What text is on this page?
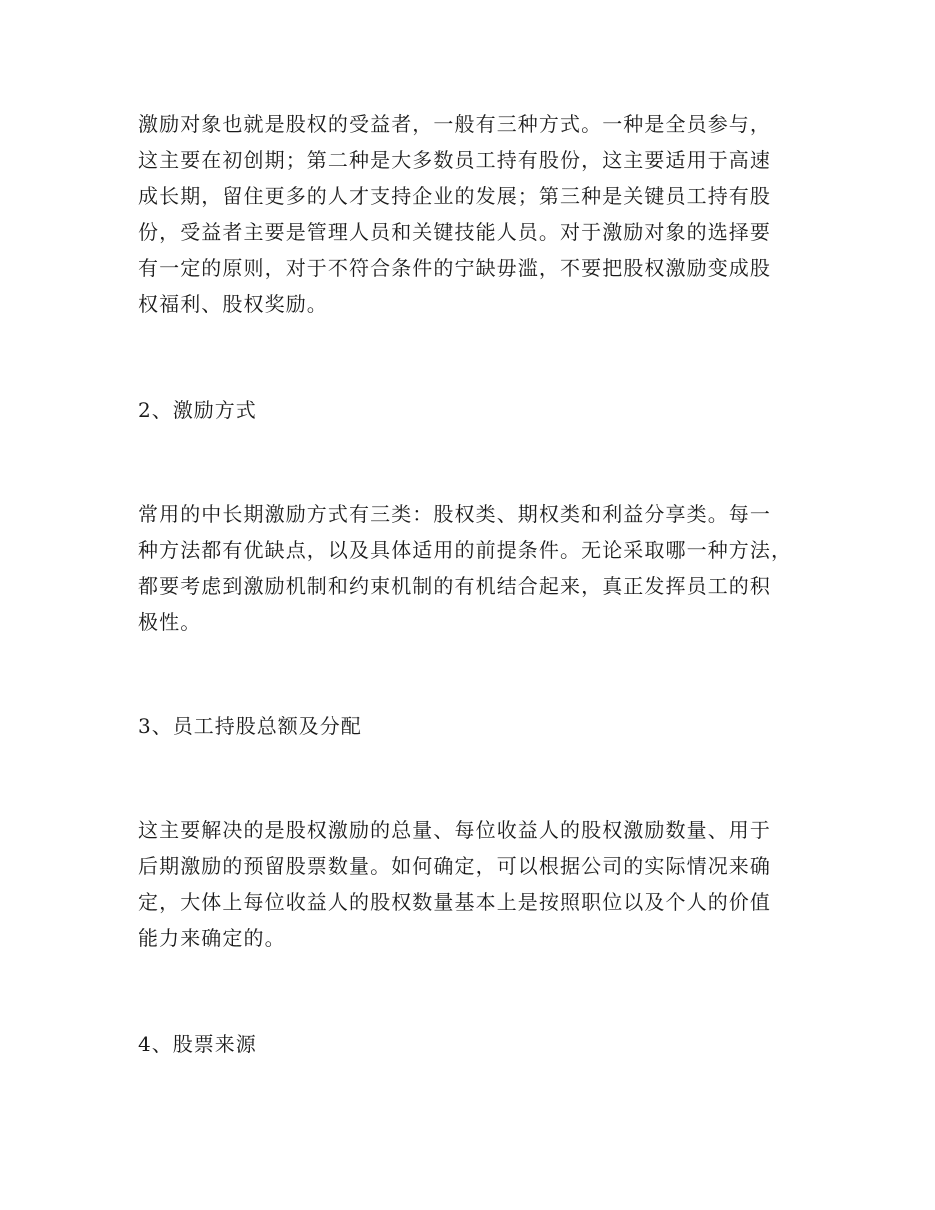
激励对象也就是股权的受益者，一般有三种方式。一种是全员参与，
这主要在初创期；第二种是大多数员工持有股份，这主要适用于高速
成长期，留住更多的人才支持企业的发展；第三种是关键员工持有股
份，受益者主要是管理人员和关键技能人员。对于激励对象的选择要
有一定的原则，对于不符合条件的宁缺毋滥，不要把股权激励变成股
权福利、股权奖励。
2、激励方式
常用的中长期激励方式有三类：股权类、期权类和利益分享类。每一
种方法都有优缺点，以及具体适用的前提条件。无论采取哪一种方法，
都要考虑到激励机制和约束机制的有机结合起来，真正发挥员工的积
极性。
3、员工持股总额及分配
这主要解决的是股权激励的总量、每位收益人的股权激励数量、用于
后期激励的预留股票数量。如何确定，可以根据公司的实际情况来确
定，大体上每位收益人的股权数量基本上是按照职位以及个人的价值
能力来确定的。
4、股票来源
